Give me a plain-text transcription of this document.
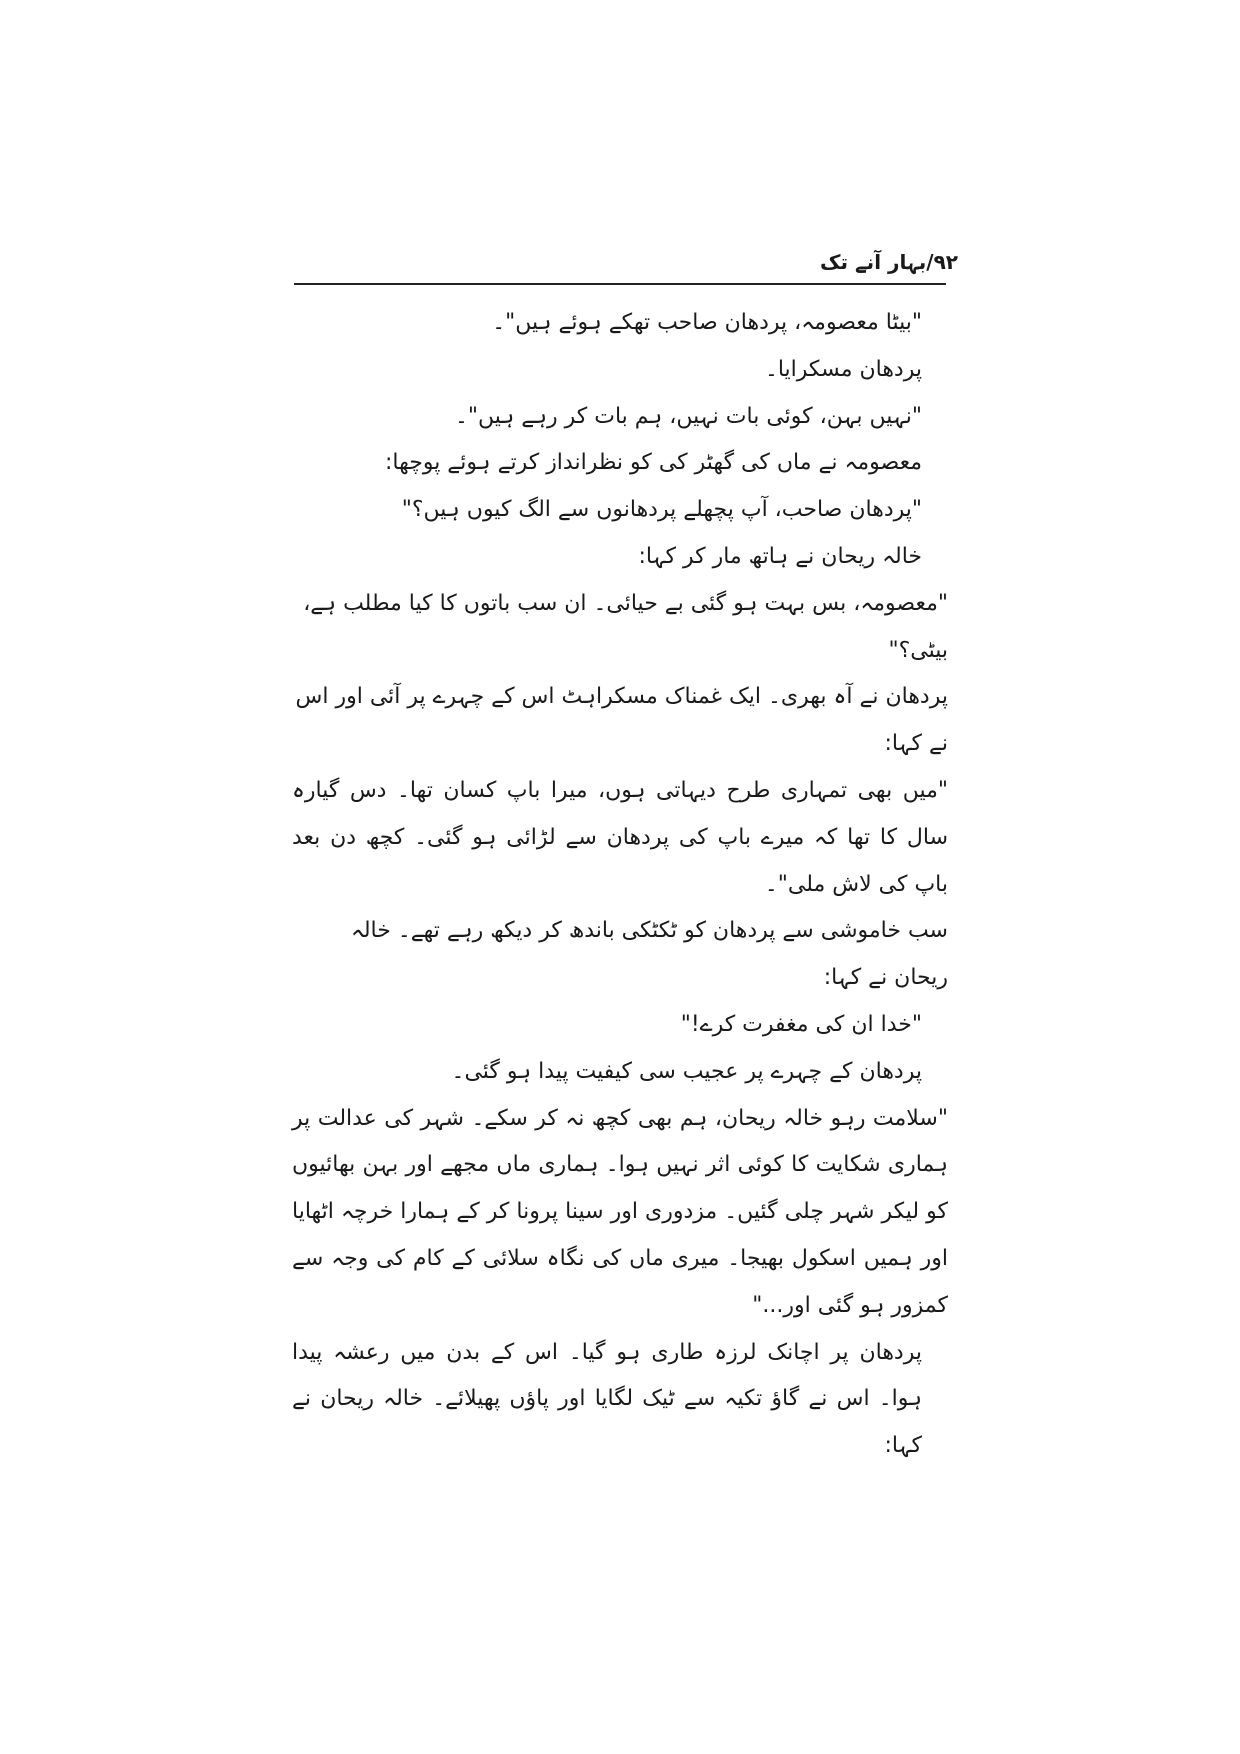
۹۲/بہار آنے تک

"بیٹا معصومہ، پردھان صاحب تھکے ہوئے ہیں"۔

پردھان مسکرایا۔

"نہیں بہن، کوئی بات نہیں، ہم بات کر رہے ہیں"۔

معصومہ نے ماں کی گھٹر کی کو نظرانداز کرتے ہوئے پوچھا:

"پردھان صاحب، آپ پچھلے پردھانوں سے الگ کیوں ہیں؟"

خالہ ریحان نے ہاتھ مار کر کہا:

"معصومہ، بس بہت ہو گئی بے حیائی۔ ان سب باتوں کا کیا مطلب ہے، بیٹی؟"

پردھان نے آہ بھری۔ ایک غمناک مسکراہٹ اس کے چہرے پر آئی اور اس نے کہا:

"میں بھی تمہاری طرح دیہاتی ہوں، میرا باپ کسان تھا۔ دس گیارہ سال کا تھا کہ میرے باپ کی پردھان سے لڑائی ہو گئی۔ کچھ دن بعد باپ کی لاش ملی"۔

سب خاموشی سے پردھان کو ٹکٹکی باندھ کر دیکھ رہے تھے۔ خالہ ریحان نے کہا:

"خدا ان کی مغفرت کرے!"

پردھان کے چہرے پر عجیب سی کیفیت پیدا ہو گئی۔

"سلامت رہو خالہ ریحان، ہم بھی کچھ نہ کر سکے۔ شہر کی عدالت پر ہماری شکایت کا کوئی اثر نہیں ہوا۔ ہماری ماں مجھے اور بہن بھائیوں کو لیکر شہر چلی گئیں۔ مزدوری اور سینا پرونا کر کے ہمارا خرچہ اٹھایا اور ہمیں اسکول بھیجا۔ میری ماں کی نگاہ سلائی کے کام کی وجہ سے کمزور ہو گئی اور..."

پردھان پر اچانک لرزہ طاری ہو گیا۔ اس کے بدن میں رعشہ پیدا ہوا۔ اس نے گاؤ تکیہ سے ٹیک لگایا اور پاؤں پھیلائے۔ خالہ ریحان نے کہا:
